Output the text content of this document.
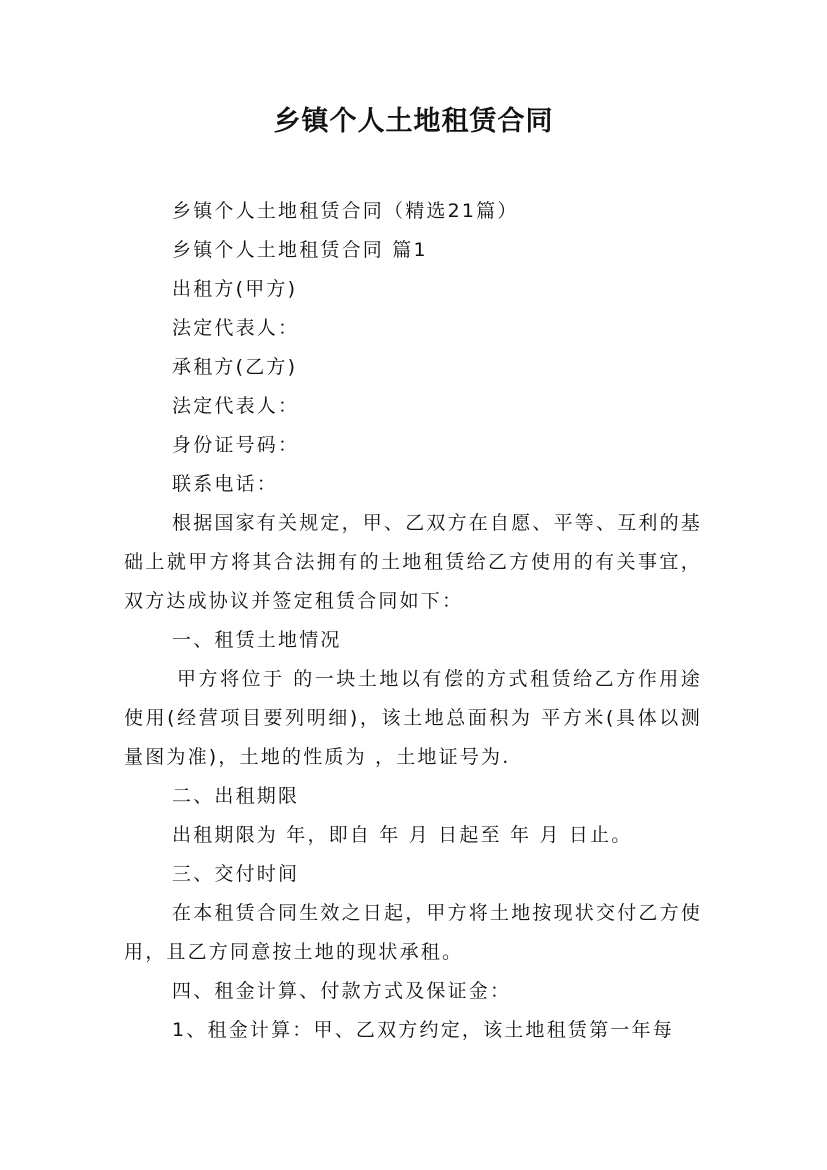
乡镇个人土地租赁合同

乡镇个人土地租赁合同（精选21篇）

乡镇个人土地租赁合同 篇1

出租方(甲方)

法定代表人：

承租方(乙方)

法定代表人：

身份证号码：

联系电话：

根据国家有关规定，甲、乙双方在自愿、平等、互利的基础上就甲方将其合法拥有的土地租赁给乙方使用的有关事宜，双方达成协议并签定租赁合同如下：

一、租赁土地情况

甲方将位于 的一块土地以有偿的方式租赁给乙方作用途使用(经营项目要列明细)，该土地总面积为 平方米(具体以测量图为准)，土地的性质为 ，土地证号为.

二、出租期限

出租期限为 年，即自 年 月 日起至 年 月 日止。

三、交付时间

在本租赁合同生效之日起，甲方将土地按现状交付乙方使用，且乙方同意按土地的现状承租。

四、租金计算、付款方式及保证金：

1、租金计算：甲、乙双方约定，该土地租赁第一年每
